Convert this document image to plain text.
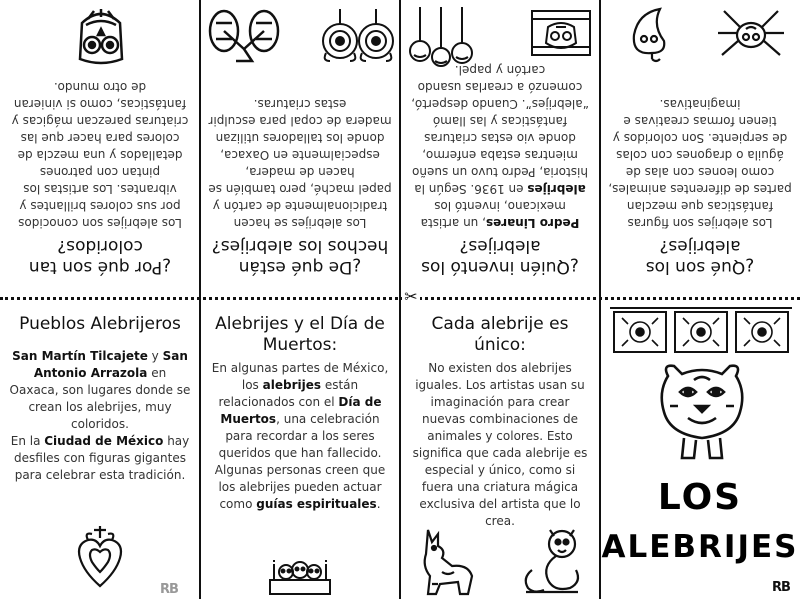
¿Por qué son tan coloridos?
Los alebrijes son conocidos por sus colores brillantes y vibrantes. Los artistas los pintan con patrones detallados y una mezcla de colores para hacer que las criaturas parezcan mágicas y fantásticas, como si vinieran de otro mundo.
¿De qué están hechos los alebrijes?
Los alebrijes se hacen tradicionalmente de cartón y papel maché, pero también se hacen de madera, especialmente en Oaxaca, donde los talladores utilizan madera de copal para esculpir estas criaturas.
¿Quién inventó los alebrijes?
Pedro Linares, un artista mexicano, inventó los alebrijes en 1936. Según la historia, Pedro tuvo un sueño mientras estaba enfermo, donde vio estas criaturas fantásticas y las llamó “alebrijes”. Cuando despertó, comenzó a crearlas usando cartón y papel.
¿Qué son los alebrijes?
Los alebrijes son figuras fantásticas que mezclan partes de diferentes animales, como leones con alas de águila o dragones con colas de serpiente. Son coloridos y tienen formas creativas e imaginativas.
Pueblos Alebrijeros
San Martín Tilcajete y San Antonio Arrazola en Oaxaca, son lugares donde se crean los alebrijes, muy coloridos.
En la Ciudad de México hay desfiles con figuras gigantes para celebrar esta tradición.
RB
Alebrijes y el Día de Muertos:
En algunas partes de México, los alebrijes están relacionados con el Día de Muertos, una celebración para recordar a los seres queridos que han fallecido. Algunas personas creen que los alebrijes pueden actuar como guías espirituales.
Cada alebrije es único:
No existen dos alebrijes iguales. Los artistas usan su imaginación para crear nuevas combinaciones de animales y colores. Esto significa que cada alebrije es especial y único, como si fuera una criatura mágica exclusiva del artista que lo crea.
LOS
ALEBRIJES
RB
✂
